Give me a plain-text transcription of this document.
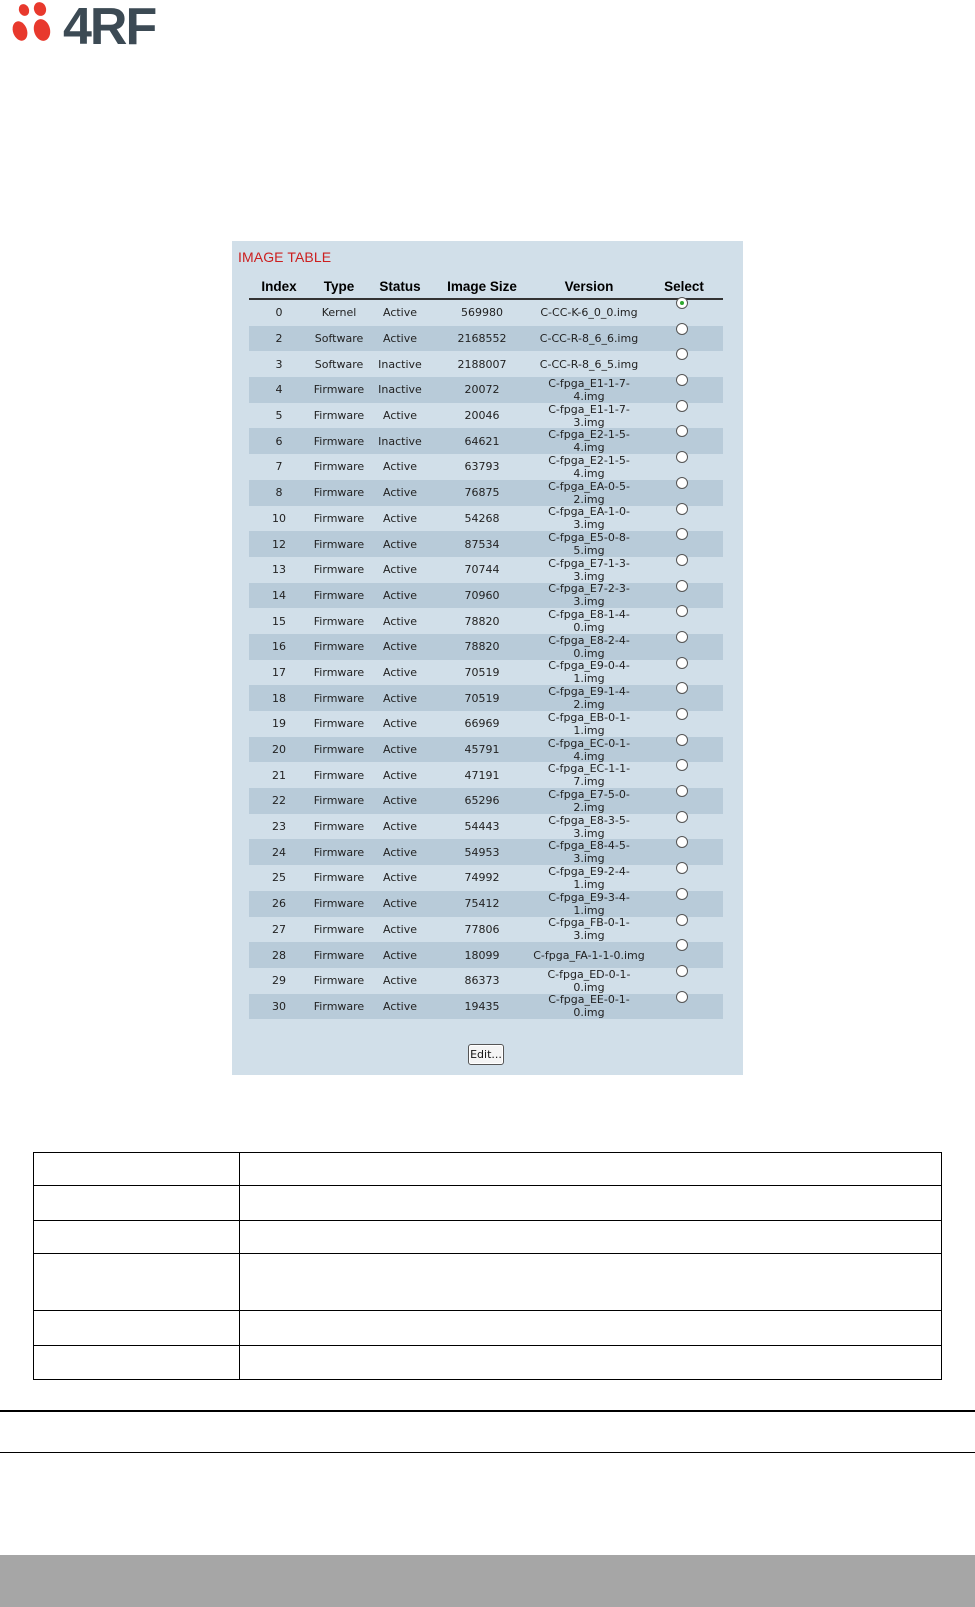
4RF
IMAGE TABLE
Index	Type	Status	Image Size	Version	Select
0	Kernel	Active	569980	C-CC-K-6_0_0.img
2	Software	Active	2168552	C-CC-R-8_6_6.img
3	Software	Inactive	2188007	C-CC-R-8_6_5.img
4	Firmware	Inactive	20072	C-fpga_E1-1-7-4.img
5	Firmware	Active	20046	C-fpga_E1-1-7-3.img
6	Firmware	Inactive	64621	C-fpga_E2-1-5-4.img
7	Firmware	Active	63793	C-fpga_E2-1-5-4.img
8	Firmware	Active	76875	C-fpga_EA-0-5-2.img
10	Firmware	Active	54268	C-fpga_EA-1-0-3.img
12	Firmware	Active	87534	C-fpga_E5-0-8-5.img
13	Firmware	Active	70744	C-fpga_E7-1-3-3.img
14	Firmware	Active	70960	C-fpga_E7-2-3-3.img
15	Firmware	Active	78820	C-fpga_E8-1-4-0.img
16	Firmware	Active	78820	C-fpga_E8-2-4-0.img
17	Firmware	Active	70519	C-fpga_E9-0-4-1.img
18	Firmware	Active	70519	C-fpga_E9-1-4-2.img
19	Firmware	Active	66969	C-fpga_EB-0-1-1.img
20	Firmware	Active	45791	C-fpga_EC-0-1-4.img
21	Firmware	Active	47191	C-fpga_EC-1-1-7.img
22	Firmware	Active	65296	C-fpga_E7-5-0-2.img
23	Firmware	Active	54443	C-fpga_E8-3-5-3.img
24	Firmware	Active	54953	C-fpga_E8-4-5-3.img
25	Firmware	Active	74992	C-fpga_E9-2-4-1.img
26	Firmware	Active	75412	C-fpga_E9-3-4-1.img
27	Firmware	Active	77806	C-fpga_FB-0-1-3.img
28	Firmware	Active	18099	C-fpga_FA-1-1-0.img
29	Firmware	Active	86373	C-fpga_ED-0-1-0.img
30	Firmware	Active	19435	C-fpga_EE-0-1-0.img
Edit...
